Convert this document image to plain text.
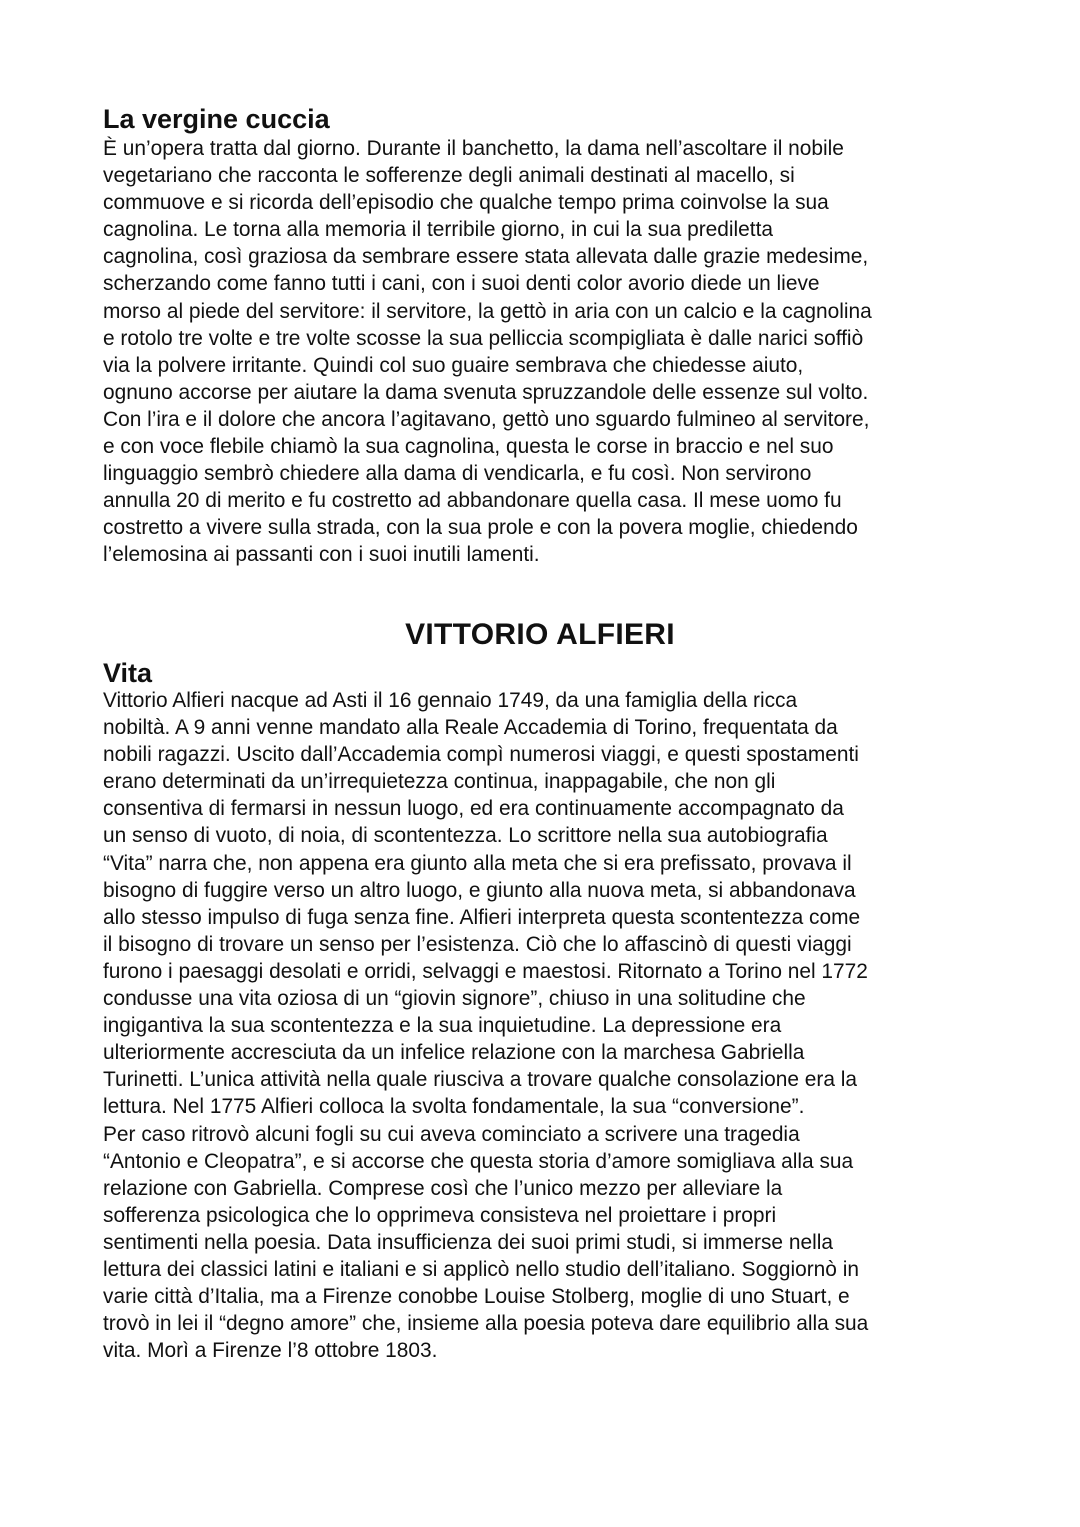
La vergine cuccia
È un’opera tratta dal giorno. Durante il banchetto, la dama nell’ascoltare il nobile
vegetariano che racconta le sofferenze degli animali destinati al macello, si
commuove e si ricorda dell’episodio che qualche tempo prima coinvolse la sua
cagnolina. Le torna alla memoria il terribile giorno, in cui la sua prediletta
cagnolina, così graziosa da sembrare essere stata allevata dalle grazie medesime,
scherzando come fanno tutti i cani, con i suoi denti color avorio diede un lieve
morso al piede del servitore: il servitore, la gettò in aria con un calcio e la cagnolina
e rotolo tre volte e tre volte scosse la sua pelliccia scompigliata è dalle narici soffiò
via la polvere irritante. Quindi col suo guaire sembrava che chiedesse aiuto,
ognuno accorse per aiutare la dama svenuta spruzzandole delle essenze sul volto.
Con l’ira e il dolore che ancora l’agitavano, gettò uno sguardo fulmineo al servitore,
e con voce flebile chiamò la sua cagnolina, questa le corse in braccio e nel suo
linguaggio sembrò chiedere alla dama di vendicarla, e fu così. Non servirono
annulla 20 di merito e fu costretto ad abbandonare quella casa. Il mese uomo fu
costretto a vivere sulla strada, con la sua prole e con la povera moglie, chiedendo
l’elemosina ai passanti con i suoi inutili lamenti.
VITTORIO ALFIERI
Vita
Vittorio Alfieri nacque ad Asti il 16 gennaio 1749, da una famiglia della ricca
nobiltà. A 9 anni venne mandato alla Reale Accademia di Torino, frequentata da
nobili ragazzi. Uscito dall’Accademia compì numerosi viaggi, e questi spostamenti
erano determinati da un’irrequietezza continua, inappagabile, che non gli
consentiva di fermarsi in nessun luogo, ed era continuamente accompagnato da
un senso di vuoto, di noia, di scontentezza. Lo scrittore nella sua autobiografia
“Vita” narra che, non appena era giunto alla meta che si era prefissato, provava il
bisogno di fuggire verso un altro luogo, e giunto alla nuova meta, si abbandonava
allo stesso impulso di fuga senza fine. Alfieri interpreta questa scontentezza come
il bisogno di trovare un senso per l’esistenza. Ciò che lo affascinò di questi viaggi
furono i paesaggi desolati e orridi, selvaggi e maestosi. Ritornato a Torino nel 1772
condusse una vita oziosa di un “giovin signore”, chiuso in una solitudine che
ingigantiva la sua scontentezza e la sua inquietudine. La depressione era
ulteriormente accresciuta da un infelice relazione con la marchesa Gabriella
Turinetti. L’unica attività nella quale riusciva a trovare qualche consolazione era la
lettura. Nel 1775 Alfieri colloca la svolta fondamentale, la sua “conversione”.
Per caso ritrovò alcuni fogli su cui aveva cominciato a scrivere una tragedia
“Antonio e Cleopatra”, e si accorse che questa storia d’amore somigliava alla sua
relazione con Gabriella. Comprese così che l’unico mezzo per alleviare la
sofferenza psicologica che lo opprimeva consisteva nel proiettare i propri
sentimenti nella poesia. Data insufficienza dei suoi primi studi, si immerse nella
lettura dei classici latini e italiani e si applicò nello studio dell’italiano. Soggiornò in
varie città d’Italia, ma a Firenze conobbe Louise Stolberg, moglie di uno Stuart, e
trovò in lei il “degno amore” che, insieme alla poesia poteva dare equilibrio alla sua
vita. Morì a Firenze l’8 ottobre 1803.
